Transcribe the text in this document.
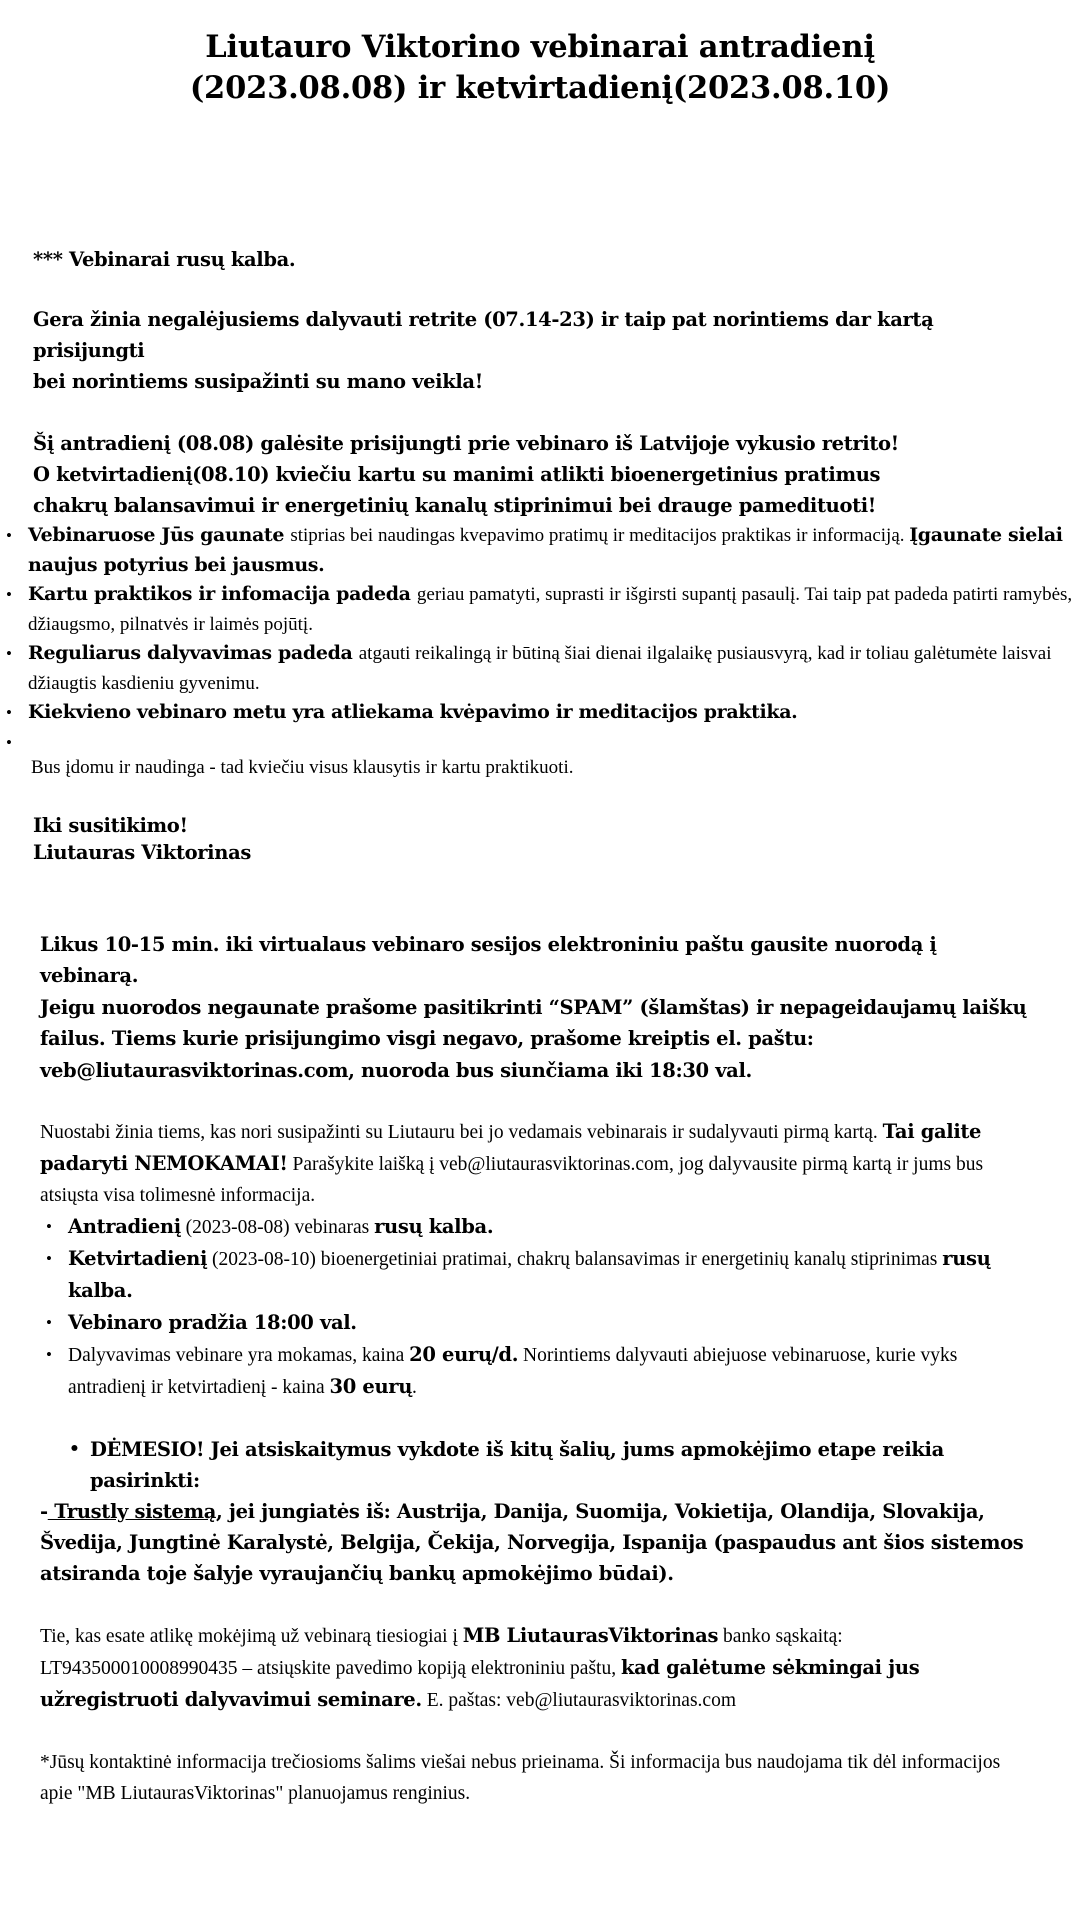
Liutauro Viktorino vebinarai antradienį (2023.08.08) ir ketvirtadienį(2023.08.10)
*** Vebinarai rusų kalba.
Gera žinia negalėjusiems dalyvauti retrite (07.14-23) ir taip pat norintiems dar kartą prisijungti
bei norintiems susipažinti su mano veikla!
Šį antradienį (08.08) galėsite prisijungti prie vebinaro iš Latvijoje vykusio retrito!
O ketvirtadienį(08.10) kviečiu kartu su manimi atlikti bioenergetinius pratimus
chakrų balansavimui ir energetinių kanalų stiprinimui bei drauge pamedituoti!
• Vebinaruose Jūs gaunate stiprias bei naudingas kvepavimo pratimų ir meditacijos praktikas ir informaciją. Įgaunate sielai naujus potyrius bei jausmus.
• Kartu praktikos ir infomacija padeda geriau pamatyti, suprasti ir išgirsti supantį pasaulį. Tai taip pat padeda patirti ramybės, džiaugsmo, pilnatvės ir laimės pojūtį.
• Reguliarus dalyvavimas padeda atgauti reikalingą ir būtiną šiai dienai ilgalaikę pusiausvyrą, kad ir toliau galėtumėte laisvai džiaugtis kasdieniu gyvenimu.
• Kiekvieno vebinaro metu yra atliekama kvėpavimo ir meditacijos praktika.
•
Bus įdomu ir naudinga - tad kviečiu visus klausytis ir kartu praktikuoti.
Iki susitikimo!
Liutauras Viktorinas
Likus 10-15 min. iki virtualaus vebinaro sesijos elektroniniu paštu gausite nuorodą į vebinarą.
Jeigu nuorodos negaunate prašome pasitikrinti “SPAM” (šlamštas) ir nepageidaujamų laiškų
failus. Tiems kurie prisijungimo visgi negavo, prašome kreiptis el. paštu:
veb@liutaurasviktorinas.com, nuoroda bus siunčiama iki 18:30 val.
Nuostabi žinia tiems, kas nori susipažinti su Liutauru bei jo vedamais vebinarais ir sudalyvauti pirmą kartą. Tai galite padaryti NEMOKAMAI! Parašykite laišką į veb@liutaurasviktorinas.com, jog dalyvausite pirmą kartą ir jums bus atsiųsta visa tolimesnė informacija.
• Antradienį (2023-08-08) vebinaras rusų kalba.
• Ketvirtadienį (2023-08-10) bioenergetiniai pratimai, chakrų balansavimas ir energetinių kanalų stiprinimas rusų kalba.
• Vebinaro pradžia 18:00 val.
• Dalyvavimas vebinare yra mokamas, kaina 20 eurų/d. Norintiems dalyvauti abiejuose vebinaruose, kurie vyks antradienį ir ketvirtadienį - kaina 30 eurų.
• DĖMESIO! Jei atsiskaitymus vykdote iš kitų šalių, jums apmokėjimo etape reikia pasirinkti:
- Trustly sistemą, jei jungiatės iš: Austrija, Danija, Suomija, Vokietija, Olandija, Slovakija, Švedija, Jungtinė Karalystė, Belgija, Čekija, Norvegija, Ispanija (paspaudus ant šios sistemos atsiranda toje šalyje vyraujančių bankų apmokėjimo būdai).
Tie, kas esate atlikę mokėjimą už vebinarą tiesiogiai į MB LiutaurasViktorinas banko sąskaitą: LT943500010008990435 – atsiųskite pavedimo kopiją elektroniniu paštu, kad galėtume sėkmingai jus užregistruoti dalyvavimui seminare. E. paštas: veb@liutaurasviktorinas.com
*Jūsų kontaktinė informacija trečiosioms šalims viešai nebus prieinama. Ši informacija bus naudojama tik dėl informacijos apie "MB LiutaurasViktorinas" planuojamus renginius.
